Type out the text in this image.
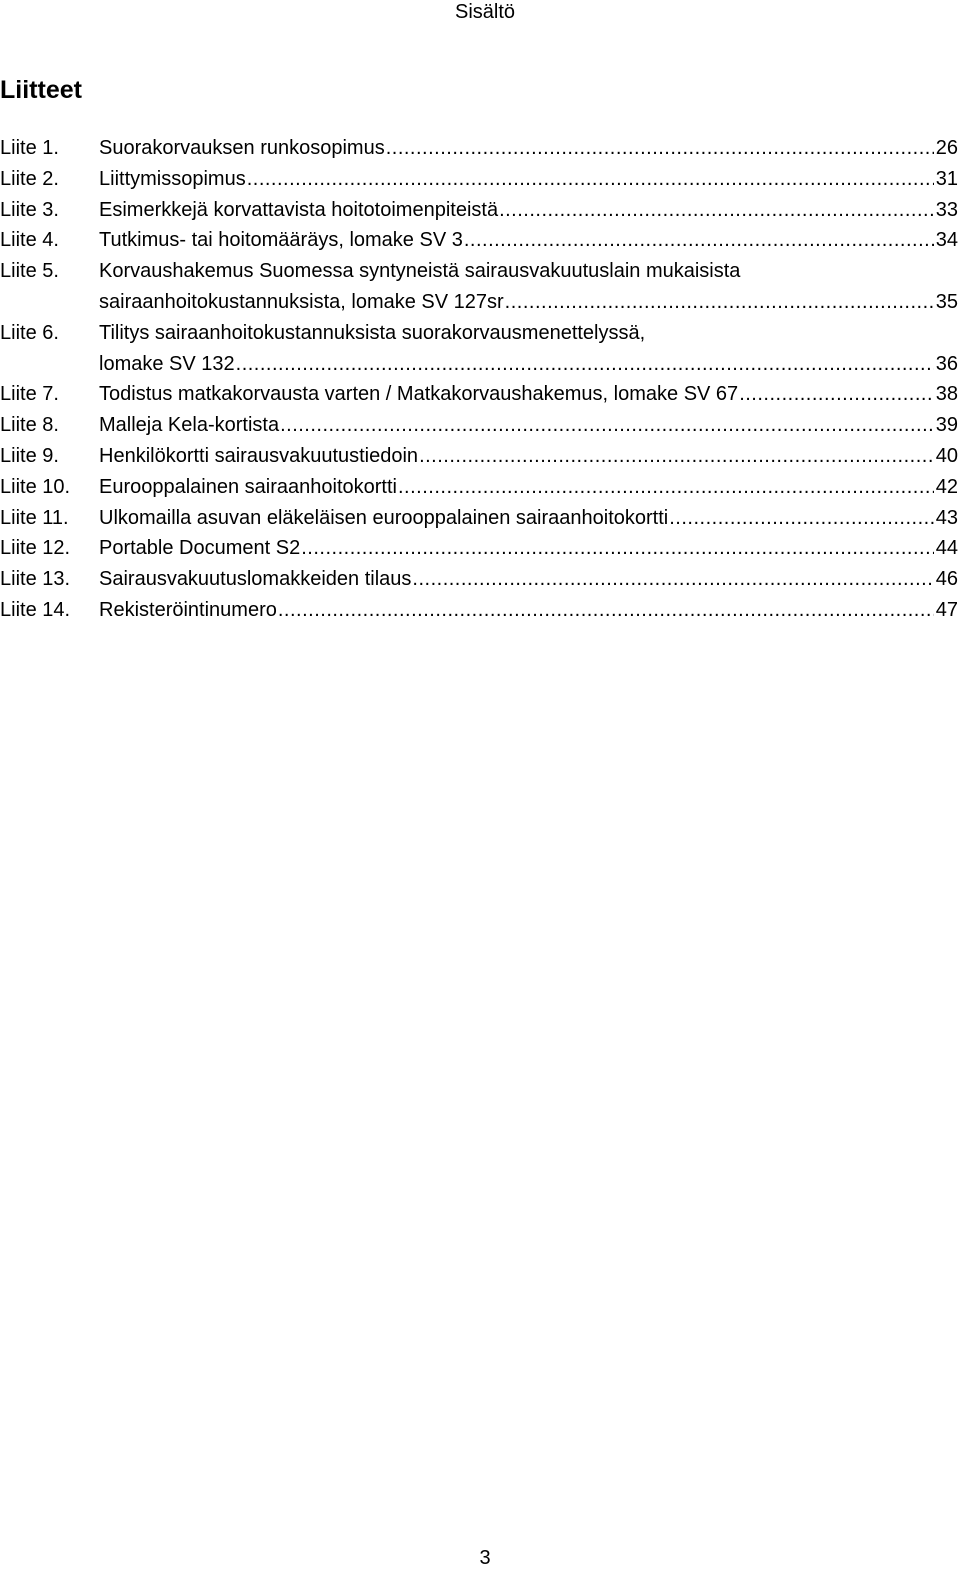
Sisältö
Liitteet
Liite 1.	Suorakorvauksen runkosopimus .....	26
Liite 2.	Liittymissopimus .....	31
Liite 3.	Esimerkkejä korvattavista hoitotoimenpiteistä .....	33
Liite 4.	Tutkimus- tai hoitomääräys, lomake SV 3 .....	34
Liite 5.	Korvaushakemus Suomessa syntyneistä sairausvakuutuslain mukaisista
sairaanhoitokustannuksista, lomake SV 127sr .....	35
Liite 6.	Tilitys sairaanhoitokustannuksista suorakorvausmenettelyssä,
lomake SV 132 .....	36
Liite 7.	Todistus matkakorvausta varten / Matkakorvaushakemus, lomake SV 67 .....	38
Liite 8.	Malleja Kela-kortista .....	39
Liite 9.	Henkilökortti sairausvakuutustiedoin .....	40
Liite 10.	Eurooppalainen sairaanhoitokortti .....	42
Liite 11.	Ulkomailla asuvan eläkeläisen eurooppalainen sairaanhoitokortti .....	43
Liite 12.	Portable Document S2 .....	44
Liite 13.	Sairausvakuutuslomakkeiden tilaus .....	46
Liite 14.	Rekisteröintinumero .....	47
3
